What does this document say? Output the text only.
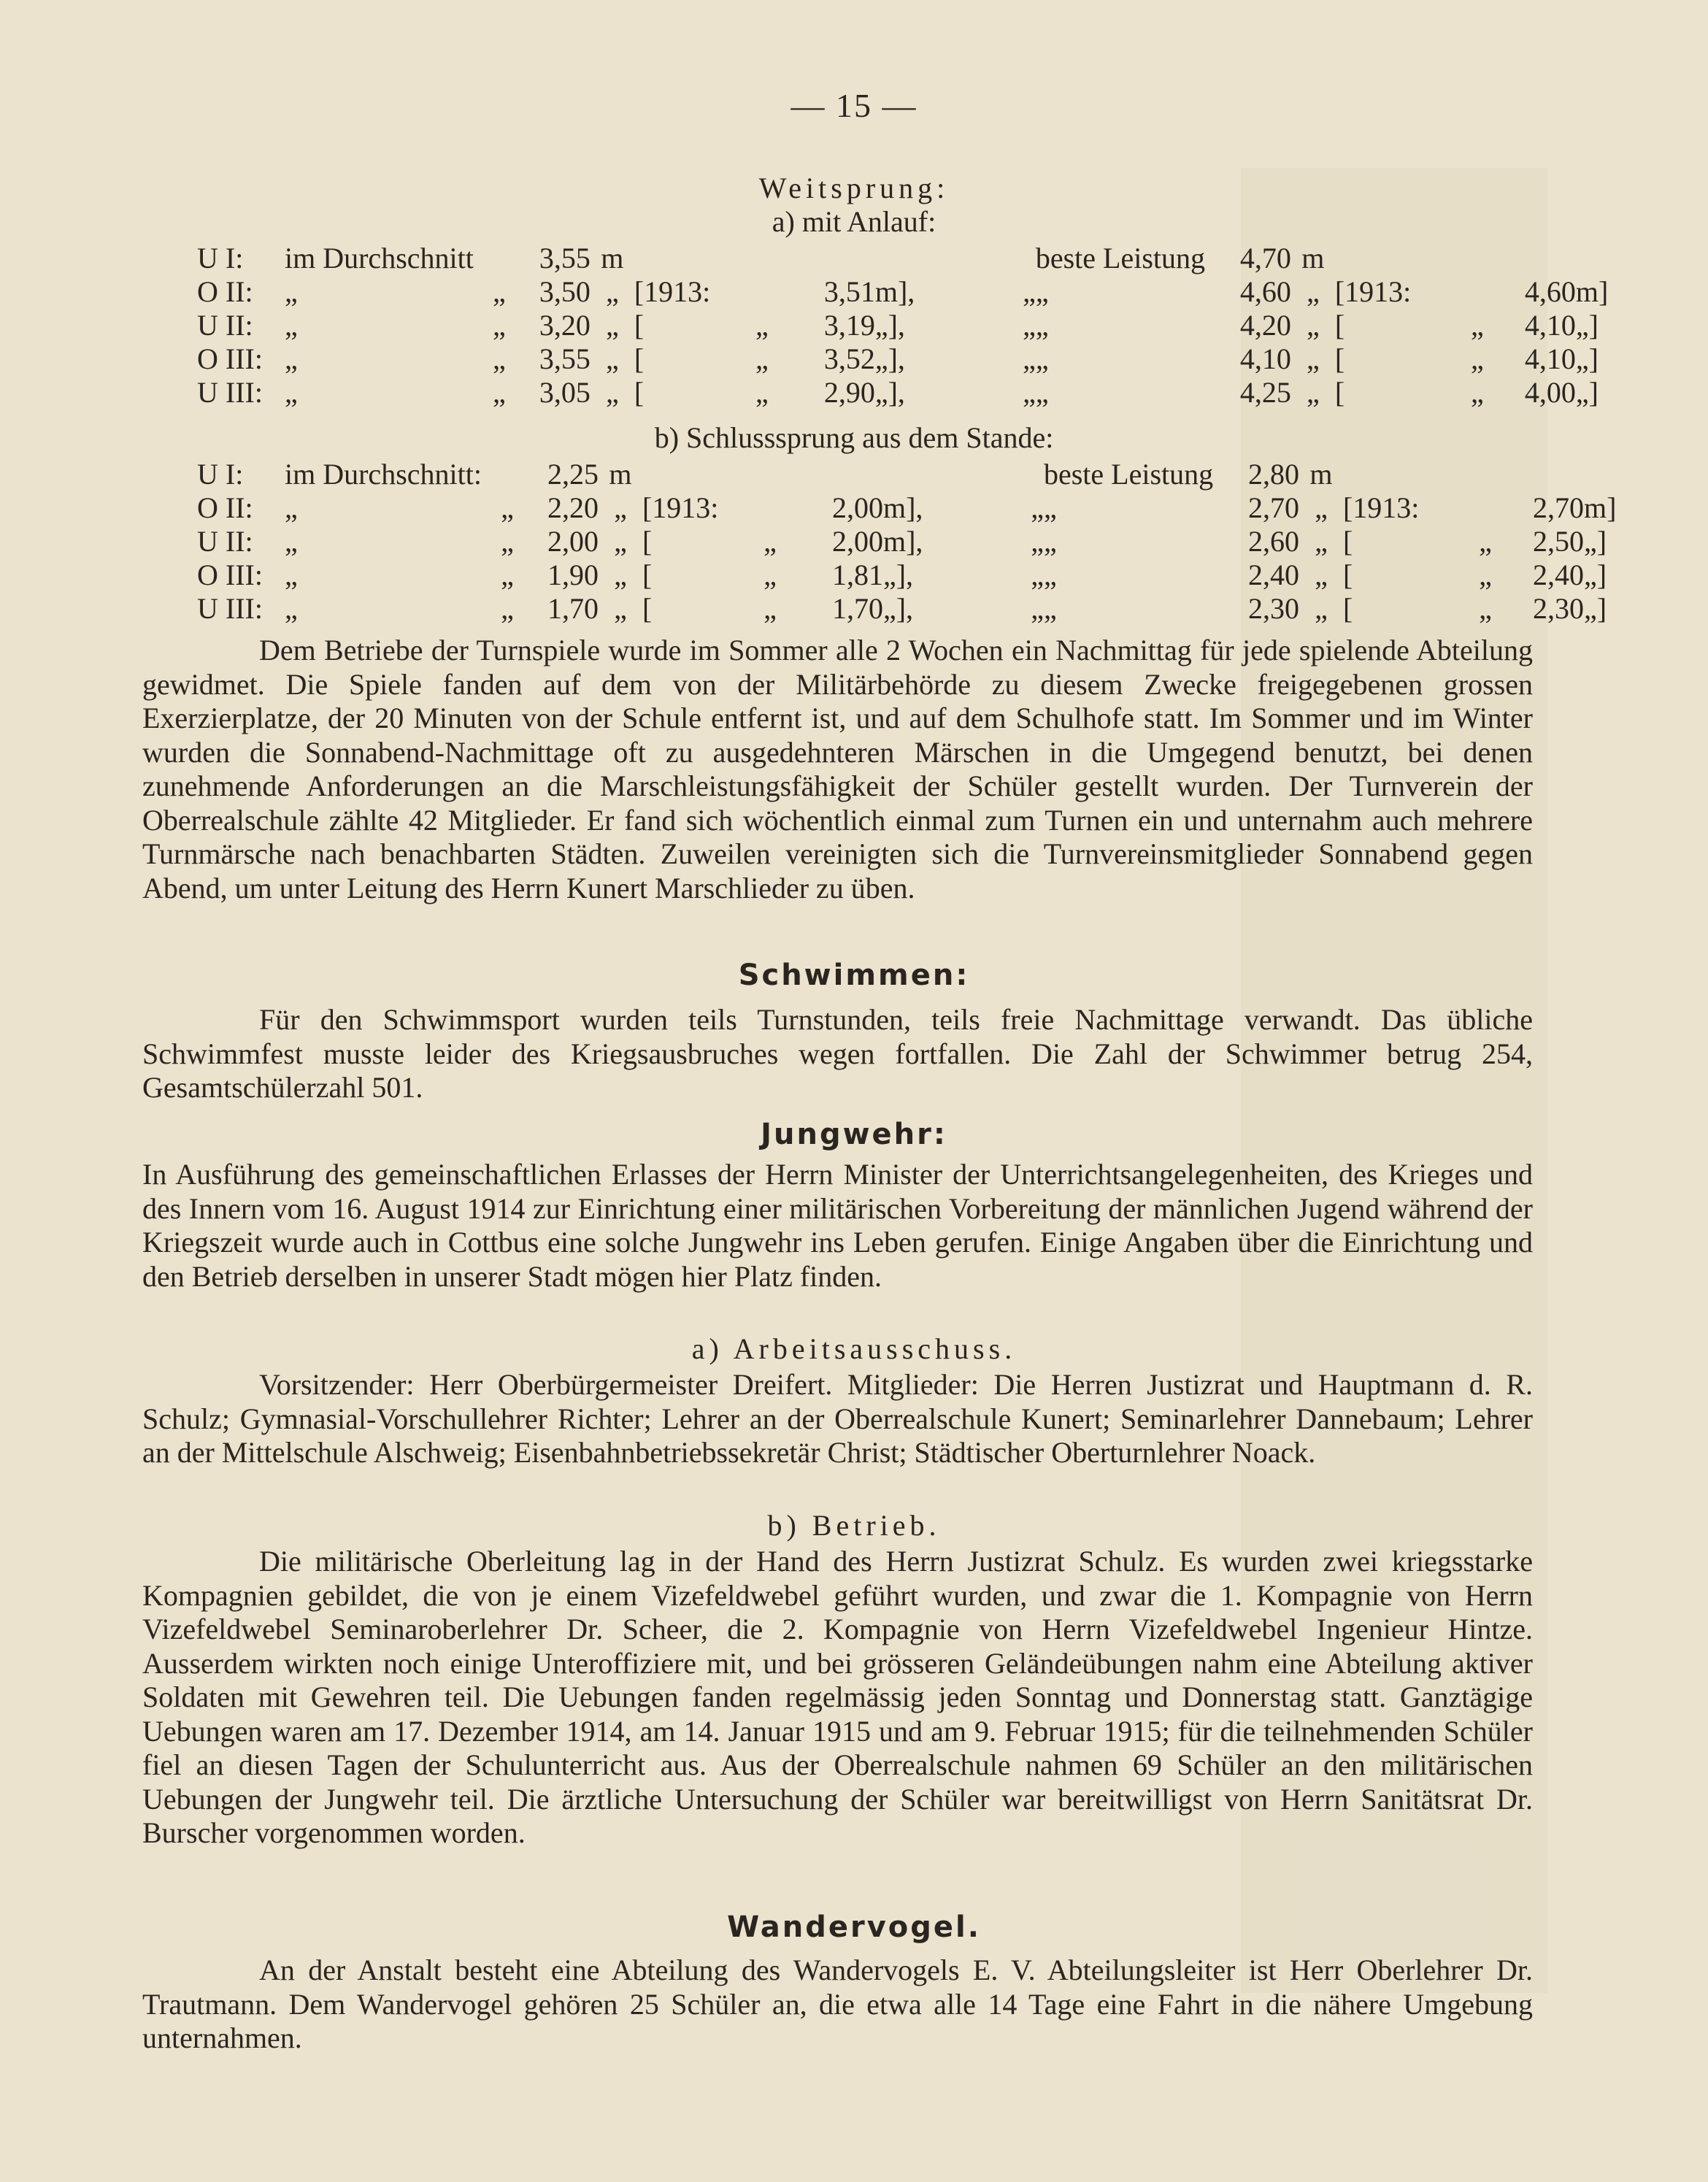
— 15 —
Weitsprung:
a) mit Anlauf:
U I:	im Durchschnitt		3,55	m						beste Leistung	4,70	m				
O II:	„	„	3,50	„	[1913:		3,51	m],	„	„	4,60	„	[1913:		4,60	m]
U II:	„	„	3,20	„	[	„	3,19	„],	„	„	4,20	„	[	„	4,10	„]
O III:	„	„	3,55	„	[	„	3,52	„],	„	„	4,10	„	[	„	4,10	„]
U III:	„	„	3,05	„	[	„	2,90	„],	„	„	4,25	„	[	„	4,00	„]
b) Schlusssprung aus dem Stande:
U I:	im Durchschnitt:		2,25	m						beste Leistung	2,80	m				
O II:	„	„	2,20	„	[1913:		2,00	m],	„	„	2,70	„	[1913:		2,70	m]
U II:	„	„	2,00	„	[	„	2,00	m],	„	„	2,60	„	[	„	2,50	„]
O III:	„	„	1,90	„	[	„	1,81	„],	„	„	2,40	„	[	„	2,40	„]
U III:	„	„	1,70	„	[	„	1,70	„],	„	„	2,30	„	[	„	2,30	„]

Dem Betriebe der Turnspiele wurde im Sommer alle 2 Wochen ein Nachmittag für jede spielende Abteilung gewidmet. Die Spiele fanden auf dem von der Militärbehörde zu diesem Zwecke freigegebenen grossen Exerzierplatze, der 20 Minuten von der Schule entfernt ist, und auf dem Schulhofe statt. Im Sommer und im Winter wurden die Sonnabend-Nachmittage oft zu ausgedehnteren Märschen in die Umgegend benutzt, bei denen zunehmende Anforderungen an die Marschleistungsfähigkeit der Schüler gestellt wurden. Der Turnverein der Oberrealschule zählte 42 Mitglieder. Er fand sich wöchentlich einmal zum Turnen ein und unternahm auch mehrere Turnmärsche nach benachbarten Städten. Zuweilen vereinigten sich die Turnvereinsmitglieder Sonnabend gegen Abend, um unter Leitung des Herrn Kunert Marschlieder zu üben.

Schwimmen:

Für den Schwimmsport wurden teils Turnstunden, teils freie Nachmittage verwandt. Das übliche Schwimmfest musste leider des Kriegsausbruches wegen fortfallen. Die Zahl der Schwimmer betrug 254, Gesamtschülerzahl 501.

Jungwehr:

In Ausführung des gemeinschaftlichen Erlasses der Herrn Minister der Unterrichtsangelegenheiten, des Krieges und des Innern vom 16. August 1914 zur Einrichtung einer militärischen Vorbereitung der männlichen Jugend während der Kriegszeit wurde auch in Cottbus eine solche Jungwehr ins Leben gerufen. Einige Angaben über die Einrichtung und den Betrieb derselben in unserer Stadt mögen hier Platz finden.

a) Arbeitsausschuss.

Vorsitzender: Herr Oberbürgermeister Dreifert. Mitglieder: Die Herren Justizrat und Hauptmann d. R. Schulz; Gymnasial-Vorschullehrer Richter; Lehrer an der Oberrealschule Kunert; Seminarlehrer Dannebaum; Lehrer an der Mittelschule Alschweig; Eisenbahnbetriebssekretär Christ; Städtischer Oberturnlehrer Noack.

b) Betrieb.

Die militärische Oberleitung lag in der Hand des Herrn Justizrat Schulz. Es wurden zwei kriegsstarke Kompagnien gebildet, die von je einem Vizefeldwebel geführt wurden, und zwar die 1. Kompagnie von Herrn Vizefeldwebel Seminaroberlehrer Dr. Scheer, die 2. Kompagnie von Herrn Vizefeldwebel Ingenieur Hintze. Ausserdem wirkten noch einige Unteroffiziere mit, und bei grösseren Geländeübungen nahm eine Abteilung aktiver Soldaten mit Gewehren teil. Die Uebungen fanden regelmässig jeden Sonntag und Donnerstag statt. Ganztägige Uebungen waren am 17. Dezember 1914, am 14. Januar 1915 und am 9. Februar 1915; für die teilnehmenden Schüler fiel an diesen Tagen der Schulunterricht aus. Aus der Oberrealschule nahmen 69 Schüler an den militärischen Uebungen der Jungwehr teil. Die ärztliche Untersuchung der Schüler war bereitwilligst von Herrn Sanitätsrat Dr. Burscher vorgenommen worden.

Wandervogel.

An der Anstalt besteht eine Abteilung des Wandervogels E. V. Abteilungsleiter ist Herr Oberlehrer Dr. Trautmann. Dem Wandervogel gehören 25 Schüler an, die etwa alle 14 Tage eine Fahrt in die nähere Umgebung unternahmen.
